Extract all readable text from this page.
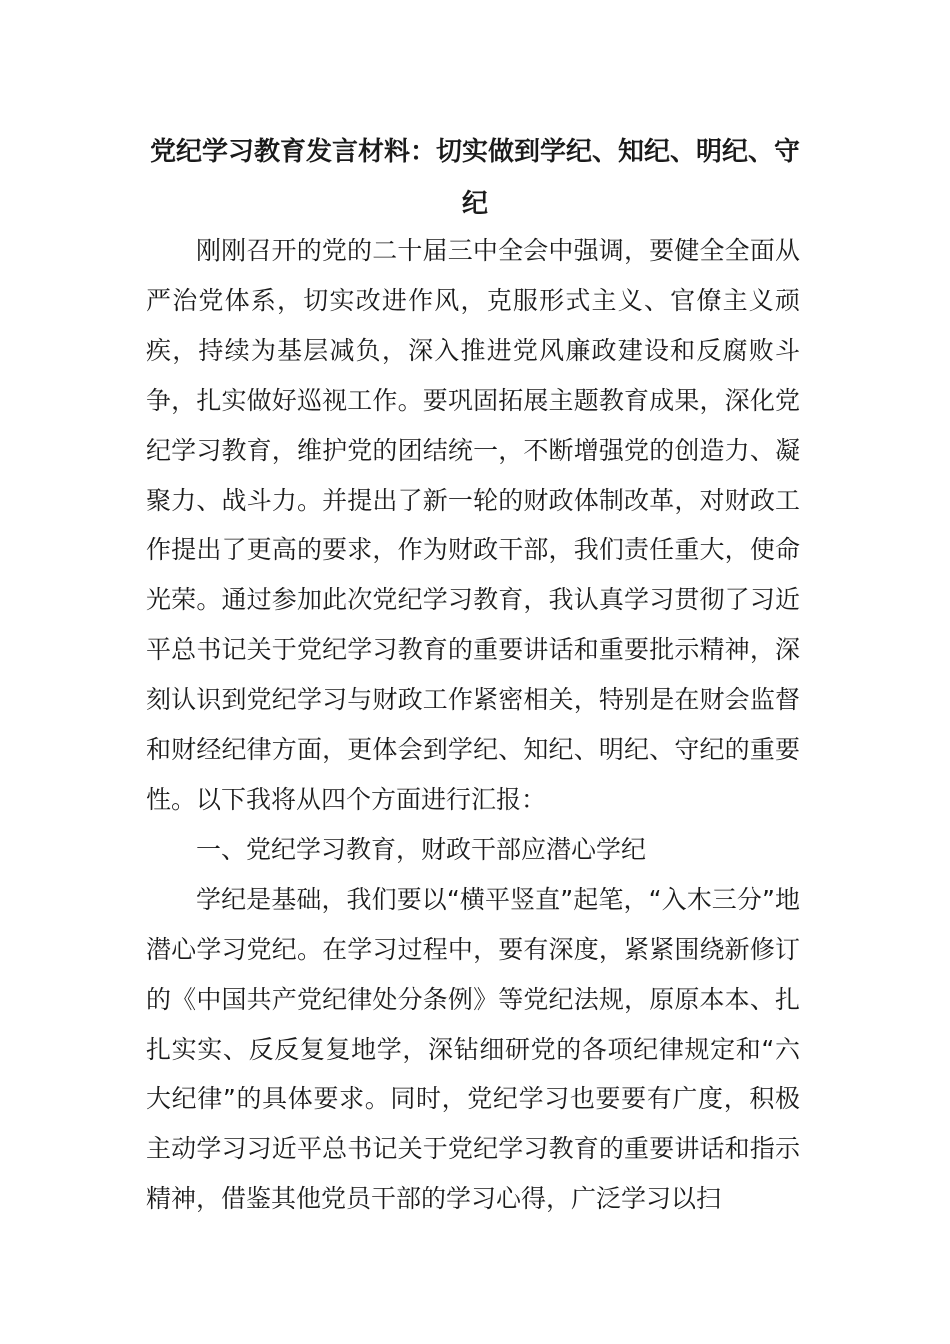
党纪学习教育发言材料：切实做到学纪、知纪、明纪、守纪

刚刚召开的党的二十届三中全会中强调，要健全全面从严治党体系，切实改进作风，克服形式主义、官僚主义顽疾，持续为基层减负，深入推进党风廉政建设和反腐败斗争，扎实做好巡视工作。要巩固拓展主题教育成果，深化党纪学习教育，维护党的团结统一，不断增强党的创造力、凝聚力、战斗力。并提出了新一轮的财政体制改革，对财政工作提出了更高的要求，作为财政干部，我们责任重大，使命光荣。通过参加此次党纪学习教育，我认真学习贯彻了习近平总书记关于党纪学习教育的重要讲话和重要批示精神，深刻认识到党纪学习与财政工作紧密相关，特别是在财会监督和财经纪律方面，更体会到学纪、知纪、明纪、守纪的重要性。以下我将从四个方面进行汇报：

一、党纪学习教育，财政干部应潜心学纪

学纪是基础，我们要以“横平竖直”起笔，“入木三分”地潜心学习党纪。在学习过程中，要有深度，紧紧围绕新修订的《中国共产党纪律处分条例》等党纪法规，原原本本、扎扎实实、反反复复地学，深钻细研党的各项纪律规定和“六大纪律”的具体要求。同时，党纪学习也要要有广度，积极主动学习习近平总书记关于党纪学习教育的重要讲话和指示精神，借鉴其他党员干部的学习心得，广泛学习以扫
